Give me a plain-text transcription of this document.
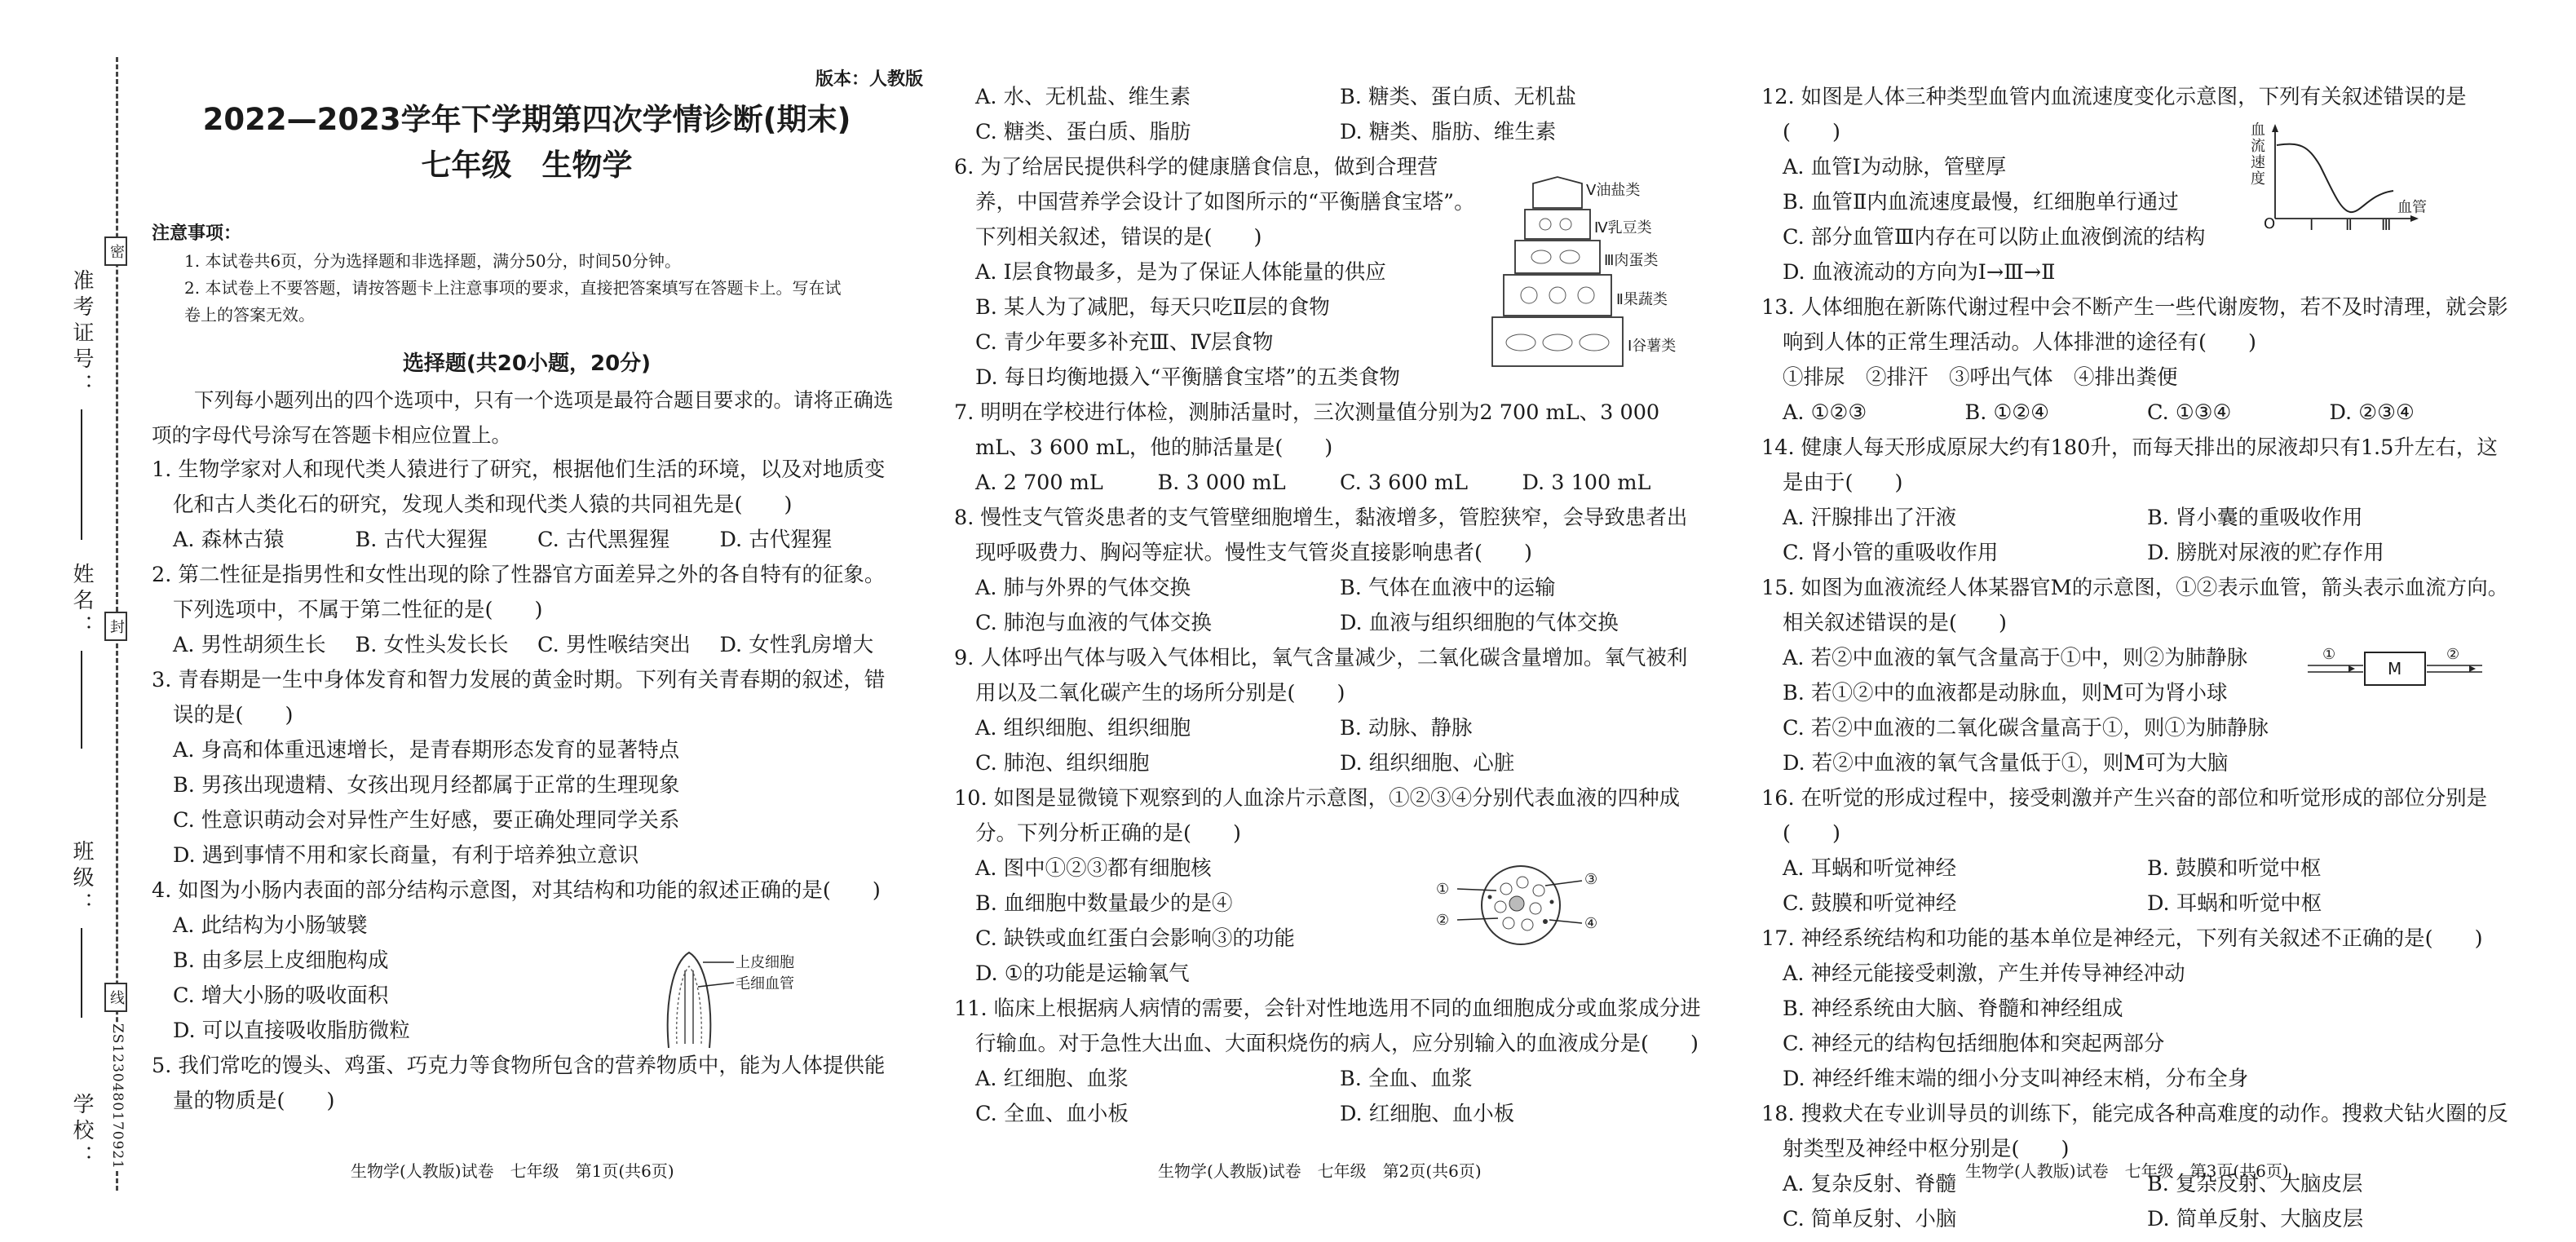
准考证号：
姓名：
班级：
学校：
密
封
线
ZS1230480170921
版本：人教版
2022—2023学年下学期第四次学情诊断(期末)
七年级　生物学
注意事项：
1. 本试卷共6页，分为选择题和非选择题，满分50分，时间50分钟。
2. 本试卷上不要答题，请按答题卡上注意事项的要求，直接把答案填写在答题卡上。写在试
卷上的答案无效。
选择题(共20小题，20分)
下列每小题列出的四个选项中，只有一个选项是最符合题目要求的。请将正确选项的字母代号涂写在答题卡相应位置上。
1. 生物学家对人和现代类人猿进行了研究，根据他们生活的环境，以及对地质变化和古人类化石的研究，发现人类和现代类人猿的共同祖先是(　　)
A. 森林古猿	B. 古代大猩猩	C. 古代黑猩猩	D. 古代猩猩
2. 第二性征是指男性和女性出现的除了性器官方面差异之外的各自特有的征象。下列选项中，不属于第二性征的是(　　)
A. 男性胡须生长	B. 女性头发长长	C. 男性喉结突出	D. 女性乳房增大
3. 青春期是一生中身体发育和智力发展的黄金时期。下列有关青春期的叙述，错误的是(　　)
A. 身高和体重迅速增长，是青春期形态发育的显著特点
B. 男孩出现遗精、女孩出现月经都属于正常的生理现象
C. 性意识萌动会对异性产生好感，要正确处理同学关系
D. 遇到事情不用和家长商量，有利于培养独立意识
4. 如图为小肠内表面的部分结构示意图，对其结构和功能的叙述正确的是(　　)
A. 此结构为小肠皱襞
B. 由多层上皮细胞构成
C. 增大小肠的吸收面积
D. 可以直接吸收脂肪微粒
5. 我们常吃的馒头、鸡蛋、巧克力等食物所包含的营养物质中，能为人体提供能量的物质是(　　)
上皮细胞
毛细血管
A. 水、无机盐、维生素	B. 糖类、蛋白质、无机盐
C. 糖类、蛋白质、脂肪	D. 糖类、脂肪、维生素
6. 为了给居民提供科学的健康膳食信息，做到合理营养，中国营养学会设计了如图所示的“平衡膳食宝塔”。下列相关叙述，错误的是(　　)
A. Ⅰ层食物最多，是为了保证人体能量的供应
B. 某人为了减肥，每天只吃Ⅱ层的食物
C. 青少年要多补充Ⅲ、Ⅳ层食物
D. 每日均衡地摄入“平衡膳食宝塔”的五类食物
7. 明明在学校进行体检，测肺活量时，三次测量值分别为2 700 mL、3 000 mL、3 600 mL，他的肺活量是(　　)
A. 2 700 mL	B. 3 000 mL	C. 3 600 mL	D. 3 100 mL
8. 慢性支气管炎患者的支气管壁细胞增生，黏液增多，管腔狭窄，会导致患者出现呼吸费力、胸闷等症状。慢性支气管炎直接影响患者(　　)
A. 肺与外界的气体交换	B. 气体在血液中的运输
C. 肺泡与血液的气体交换	D. 血液与组织细胞的气体交换
9. 人体呼出气体与吸入气体相比，氧气含量减少，二氧化碳含量增加。氧气被利用以及二氧化碳产生的场所分别是(　　)
A. 组织细胞、组织细胞	B. 动脉、静脉
C. 肺泡、组织细胞	D. 组织细胞、心脏
10. 如图是显微镜下观察到的人血涂片示意图，①②③④分别代表血液的四种成分。下列分析正确的是(　　)
A. 图中①②③都有细胞核
B. 血细胞中数量最少的是④
C. 缺铁或血红蛋白会影响③的功能
D. ①的功能是运输氧气
11. 临床上根据病人病情的需要，会针对性地选用不同的血细胞成分或血浆成分进行输血。对于急性大出血、大面积烧伤的病人，应分别输入的血液成分是(　　)
A. 红细胞、血浆	B. 全血、血浆
C. 全血、血小板	D. 红细胞、血小板
Ⅴ油盐类
Ⅳ乳豆类
Ⅲ肉蛋类
Ⅱ果蔬类
Ⅰ谷薯类
①
②
③
④
12. 如图是人体三种类型血管内血流速度变化示意图，下列有关叙述错误的是(　　)
A. 血管Ⅰ为动脉，管壁厚
B. 血管Ⅱ内血流速度最慢，红细胞单行通过
C. 部分血管Ⅲ内存在可以防止血液倒流的结构
D. 血液流动的方向为Ⅰ→Ⅲ→Ⅱ
13. 人体细胞在新陈代谢过程中会不断产生一些代谢废物，若不及时清理，就会影响到人体的正常生理活动。人体排泄的途径有(　　)
①排尿　②排汗　③呼出气体　④排出粪便
A. ①②③	B. ①②④	C. ①③④	D. ②③④
14. 健康人每天形成原尿大约有180升，而每天排出的尿液却只有1.5升左右，这是由于(　　)
A. 汗腺排出了汗液	B. 肾小囊的重吸收作用
C. 肾小管的重吸收作用	D. 膀胱对尿液的贮存作用
15. 如图为血液流经人体某器官M的示意图，①②表示血管，箭头表示血流方向。相关叙述错误的是(　　)
A. 若②中血液的氧气含量高于①中，则②为肺静脉
B. 若①②中的血液都是动脉血，则M可为肾小球
C. 若②中血液的二氧化碳含量高于①，则①为肺静脉
D. 若②中血液的氧气含量低于①，则M可为大脑
16. 在听觉的形成过程中，接受刺激并产生兴奋的部位和听觉形成的部位分别是(　　)
A. 耳蜗和听觉神经	B. 鼓膜和听觉中枢
C. 鼓膜和听觉神经	D. 耳蜗和听觉中枢
17. 神经系统结构和功能的基本单位是神经元，下列有关叙述不正确的是(　　)
A. 神经元能接受刺激，产生并传导神经冲动
B. 神经系统由大脑、脊髓和神经组成
C. 神经元的结构包括细胞体和突起两部分
D. 神经纤维末端的细小分支叫神经末梢，分布全身
18. 搜救犬在专业训导员的训练下，能完成各种高难度的动作。搜救犬钻火圈的反射类型及神经中枢分别是(　　)
A. 复杂反射、脊髓	B. 复杂反射、大脑皮层
C. 简单反射、小脑	D. 简单反射、大脑皮层
血流速度
O Ⅰ Ⅱ Ⅲ
血管
①
M
②
生物学(人教版)试卷　七年级　第1页(共6页)	生物学(人教版)试卷　七年级　第2页(共6页)	生物学(人教版)试卷　七年级　第3页(共6页)
